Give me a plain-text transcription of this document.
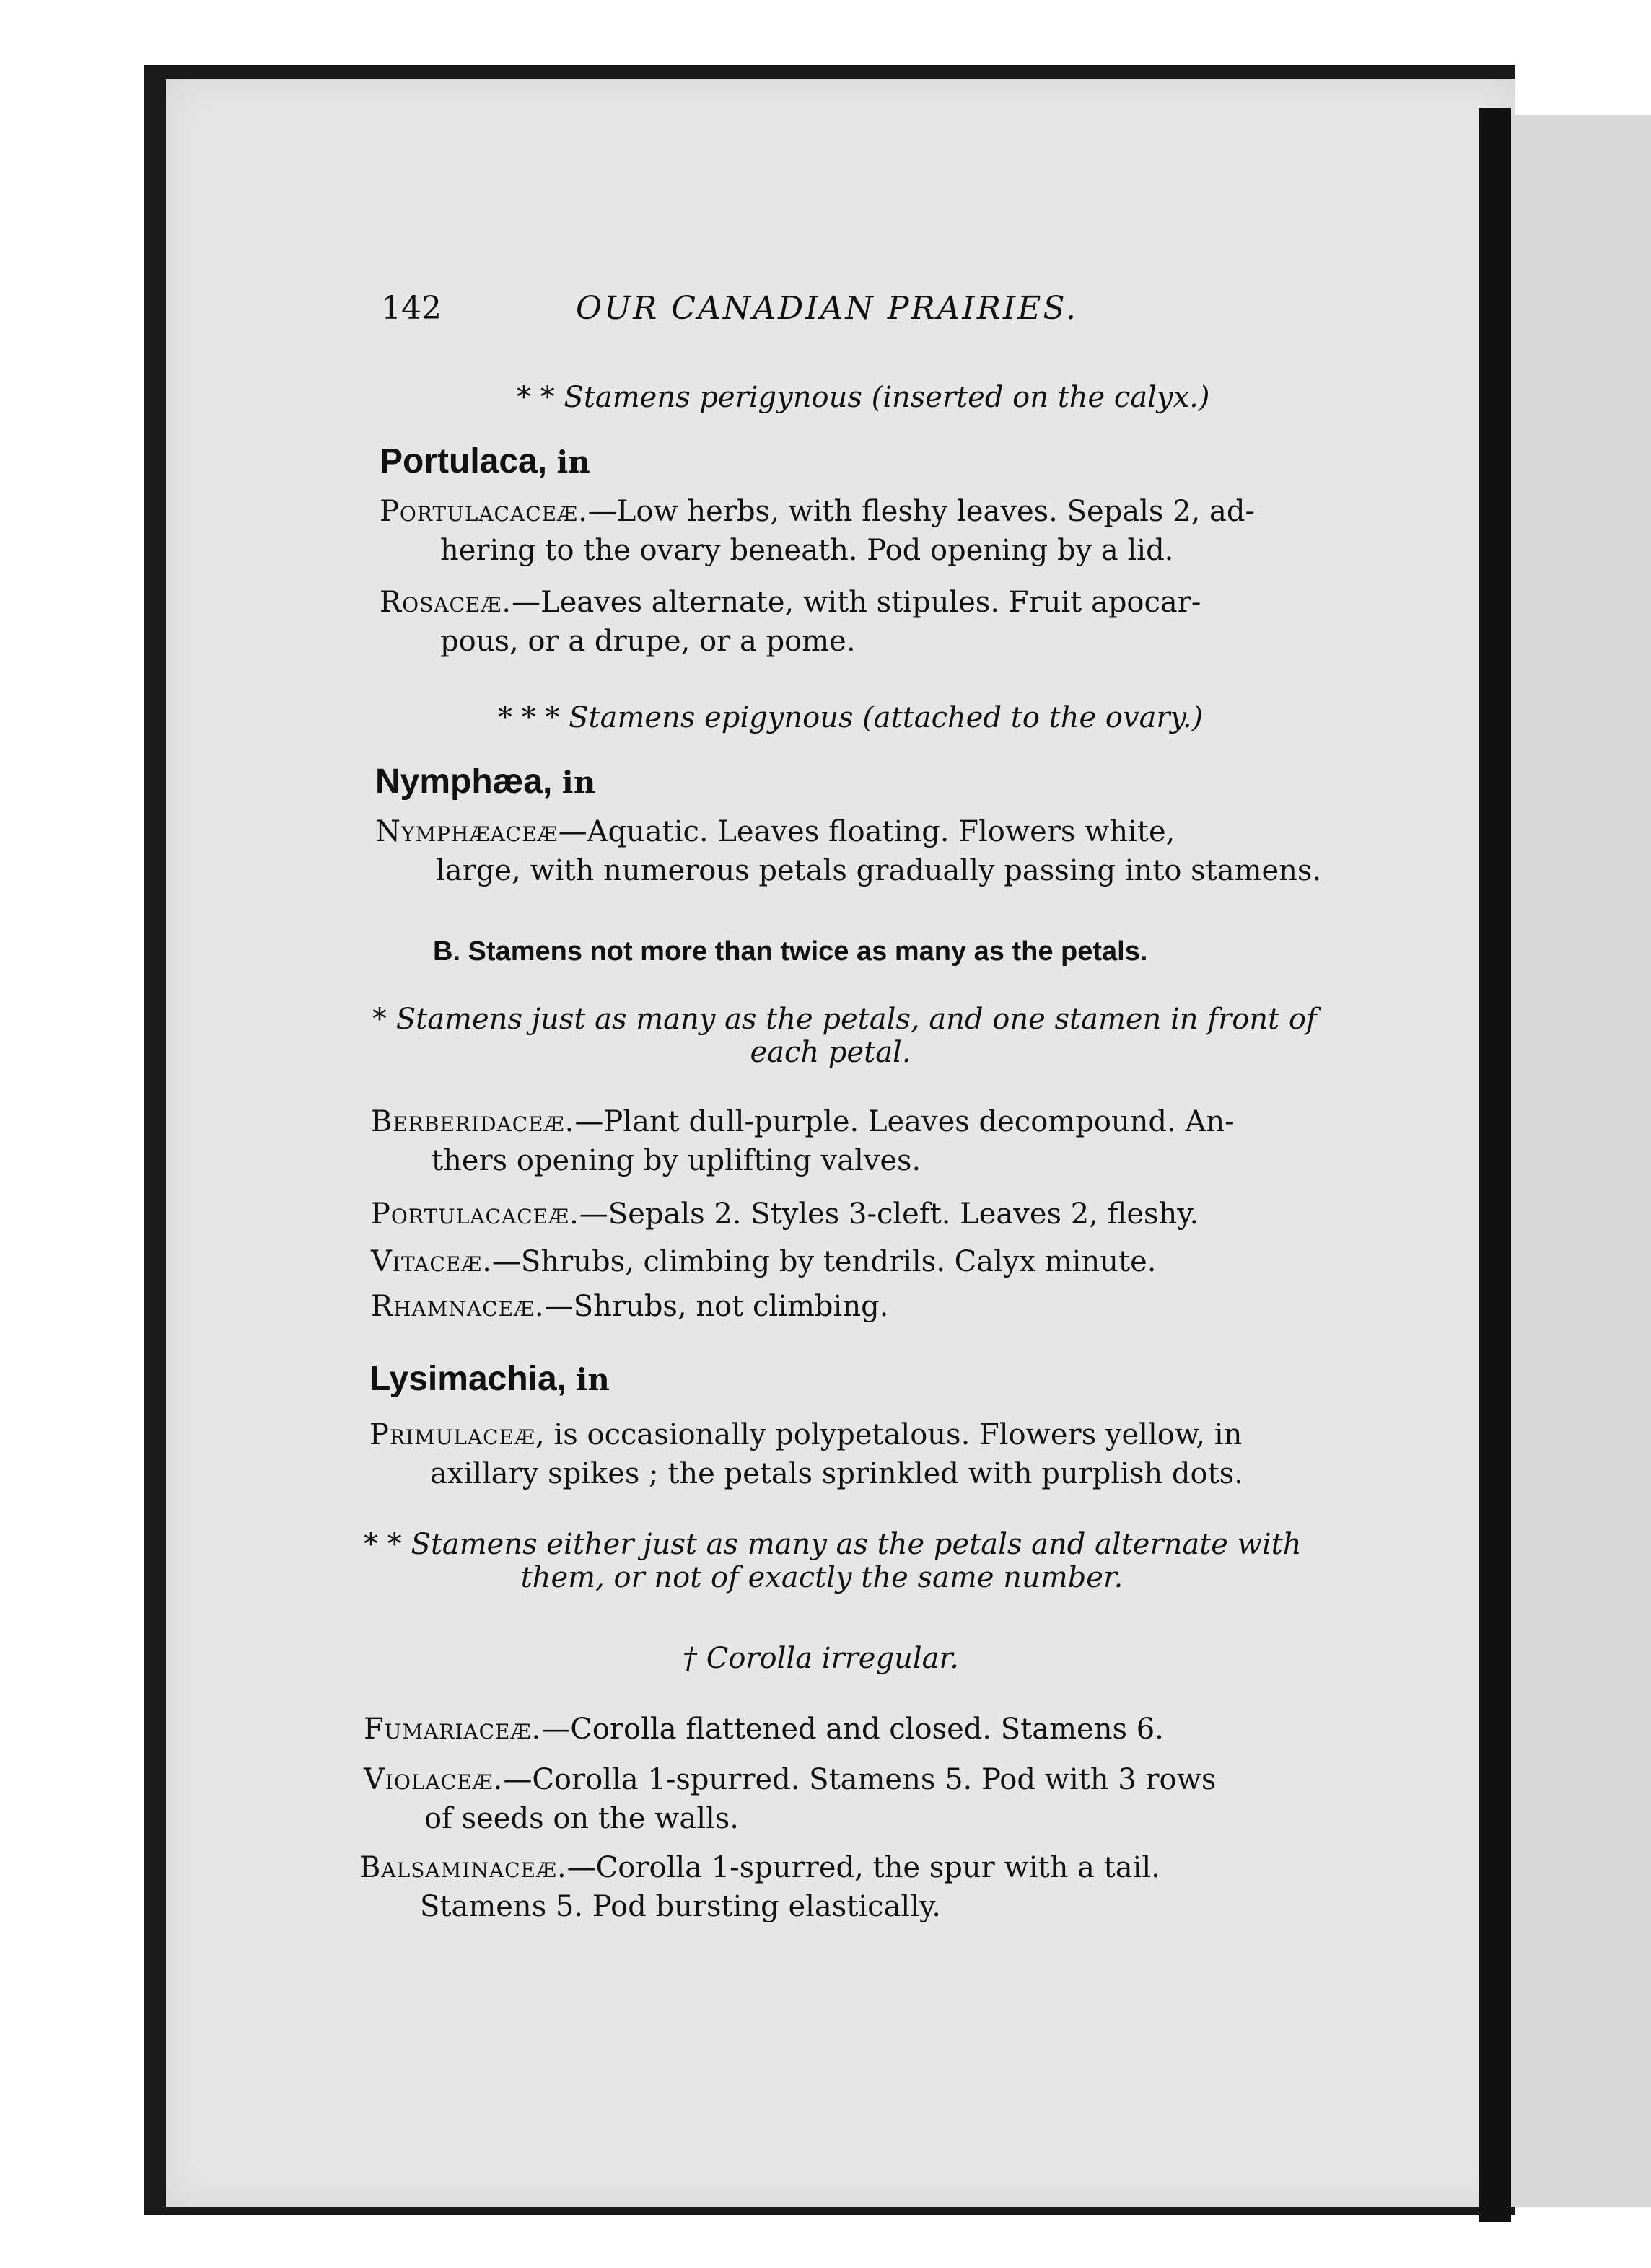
142	OUR CANADIAN PRAIRIES.
* * Stamens perigynous (inserted on the calyx.)
Portulaca, in
Portulacaceæ.—Low herbs, with fleshy leaves. Sepals 2, ad-
hering to the ovary beneath. Pod opening by a lid.
Rosaceæ.—Leaves alternate, with stipules. Fruit apocar-
pous, or a drupe, or a pome.
* * * Stamens epigynous (attached to the ovary.)
Nymphæa, in
Nymphæaceæ—Aquatic. Leaves floating. Flowers white,
large, with numerous petals gradually passing into stamens.
B. Stamens not more than twice as many as the petals.
* Stamens just as many as the petals, and one stamen in front of
each petal.
Berberidaceæ.—Plant dull-purple. Leaves decompound. An-
thers opening by uplifting valves.
Portulacaceæ.—Sepals 2. Styles 3-cleft. Leaves 2, fleshy.
Vitaceæ.—Shrubs, climbing by tendrils. Calyx minute.
Rhamnaceæ.—Shrubs, not climbing.
Lysimachia, in
Primulaceæ, is occasionally polypetalous. Flowers yellow, in
axillary spikes ; the petals sprinkled with purplish dots.
* * Stamens either just as many as the petals and alternate with
them, or not of exactly the same number.
† Corolla irregular.
Fumariaceæ.—Corolla flattened and closed. Stamens 6.
Violaceæ.—Corolla 1-spurred. Stamens 5. Pod with 3 rows
of seeds on the walls.
Balsaminaceæ.—Corolla 1-spurred, the spur with a tail.
Stamens 5. Pod bursting elastically.
